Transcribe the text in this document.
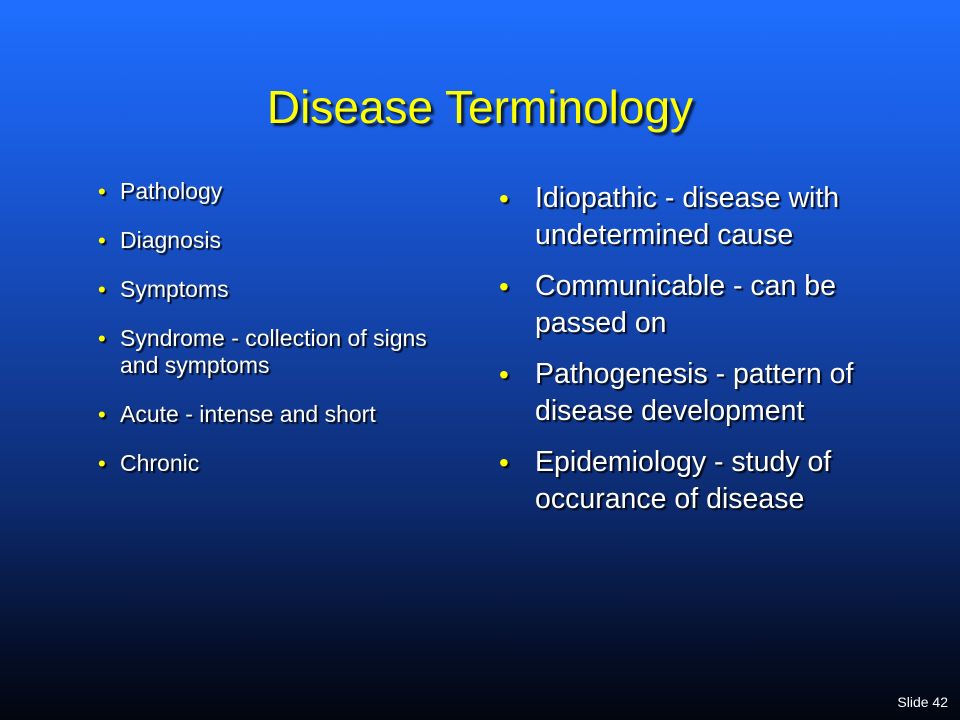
Disease Terminology
• Pathology
• Diagnosis
• Symptoms
• Syndrome - collection of signs and symptoms
• Acute - intense and short
• Chronic
• Idiopathic - disease with undetermined cause
• Communicable - can be passed on
• Pathogenesis - pattern of disease development
• Epidemiology - study of occurance of disease
Slide 42
